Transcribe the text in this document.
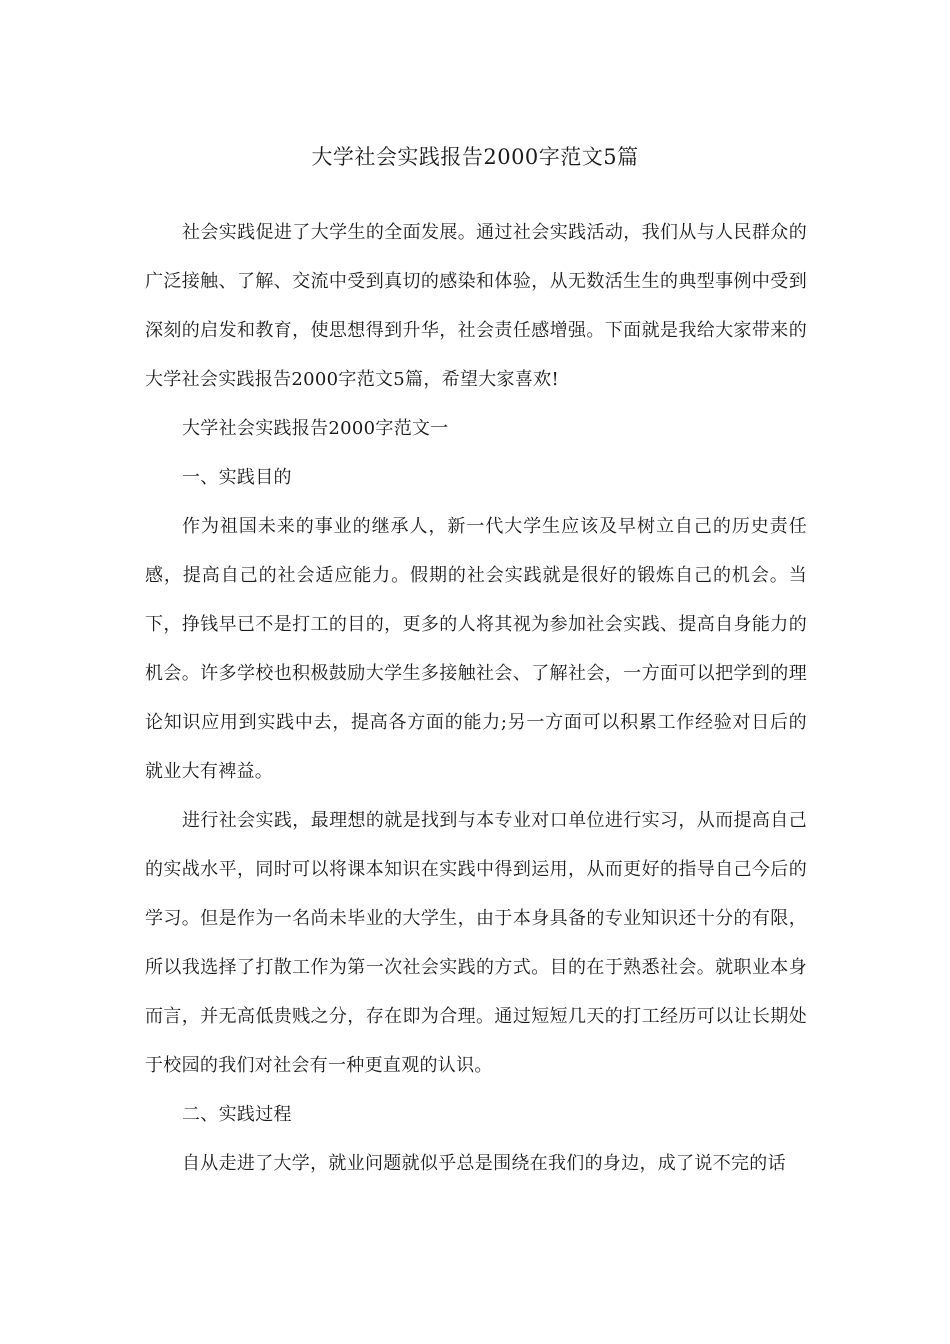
大学社会实践报告2000字范文5篇

社会实践促进了大学生的全面发展。通过社会实践活动，我们从与人民群众的广泛接触、了解、交流中受到真切的感染和体验，从无数活生生的典型事例中受到深刻的启发和教育，使思想得到升华，社会责任感增强。下面就是我给大家带来的大学社会实践报告2000字范文5篇，希望大家喜欢!

大学社会实践报告2000字范文一

一、实践目的

作为祖国未来的事业的继承人，新一代大学生应该及早树立自己的历史责任感，提高自己的社会适应能力。假期的社会实践就是很好的锻炼自己的机会。当下，挣钱早已不是打工的目的，更多的人将其视为参加社会实践、提高自身能力的机会。许多学校也积极鼓励大学生多接触社会、了解社会，一方面可以把学到的理论知识应用到实践中去，提高各方面的能力;另一方面可以积累工作经验对日后的就业大有裨益。

进行社会实践，最理想的就是找到与本专业对口单位进行实习，从而提高自己的实战水平，同时可以将课本知识在实践中得到运用，从而更好的指导自己今后的学习。但是作为一名尚未毕业的大学生，由于本身具备的专业知识还十分的有限，所以我选择了打散工作为第一次社会实践的方式。目的在于熟悉社会。就职业本身而言，并无高低贵贱之分，存在即为合理。通过短短几天的打工经历可以让长期处于校园的我们对社会有一种更直观的认识。

二、实践过程

自从走进了大学，就业问题就似乎总是围绕在我们的身边，成了说不完的话
